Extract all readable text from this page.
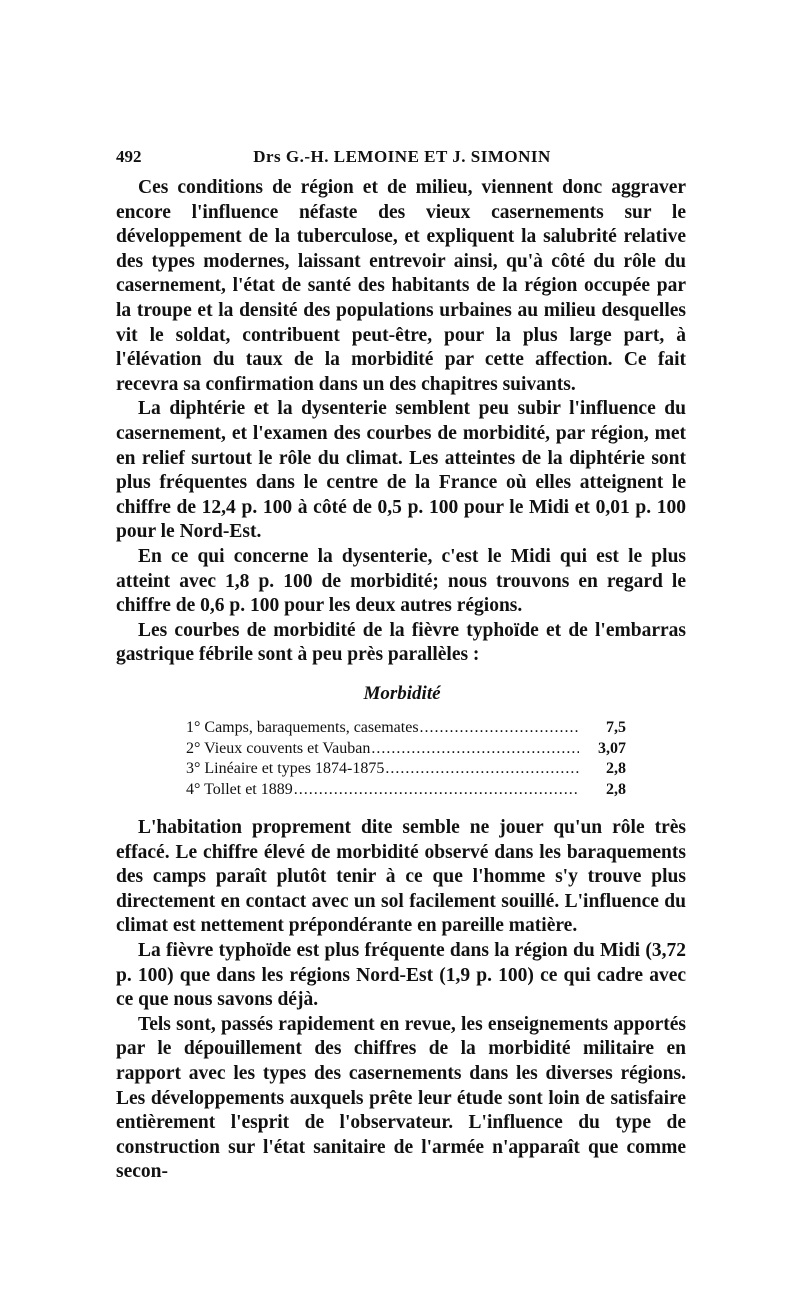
492	Drs G.-H. LEMOINE ET J. SIMONIN

Ces conditions de région et de milieu, viennent donc aggraver encore l'influence néfaste des vieux casernements sur le développement de la tuberculose, et expliquent la salubrité relative des types modernes, laissant entrevoir ainsi, qu'à côté du rôle du casernement, l'état de santé des habitants de la région occupée par la troupe et la densité des populations urbaines au milieu desquelles vit le soldat, contribuent peut-être, pour la plus large part, à l'élévation du taux de la morbidité par cette affection. Ce fait recevra sa confirmation dans un des chapitres suivants.

La diphtérie et la dysenterie semblent peu subir l'influence du casernement, et l'examen des courbes de morbidité, par région, met en relief surtout le rôle du climat. Les atteintes de la diphtérie sont plus fréquentes dans le centre de la France où elles atteignent le chiffre de 12,4 p. 100 à côté de 0,5 p. 100 pour le Midi et 0,01 p. 100 pour le Nord-Est.

En ce qui concerne la dysenterie, c'est le Midi qui est le plus atteint avec 1,8 p. 100 de morbidité; nous trouvons en regard le chiffre de 0,6 p. 100 pour les deux autres régions.

Les courbes de morbidité de la fièvre typhoïde et de l'embarras gastrique fébrile sont à peu près parallèles :

Morbidité
1° Camps, baraquements, casemates .....	7,5
2° Vieux couvents et Vauban .....	3,07
3° Linéaire et types 1874-1875 .....	2,8
4° Tollet et 1889 .....	2,8

L'habitation proprement dite semble ne jouer qu'un rôle très effacé. Le chiffre élevé de morbidité observé dans les baraquements des camps paraît plutôt tenir à ce que l'homme s'y trouve plus directement en contact avec un sol facilement souillé. L'influence du climat est nettement prépondérante en pareille matière.

La fièvre typhoïde est plus fréquente dans la région du Midi (3,72 p. 100) que dans les régions Nord-Est (1,9 p. 100) ce qui cadre avec ce que nous savons déjà.

Tels sont, passés rapidement en revue, les enseignements apportés par le dépouillement des chiffres de la morbidité militaire en rapport avec les types des casernements dans les diverses régions. Les développements auxquels prête leur étude sont loin de satisfaire entièrement l'esprit de l'observateur. L'influence du type de construction sur l'état sanitaire de l'armée n'apparaît que comme secon-
